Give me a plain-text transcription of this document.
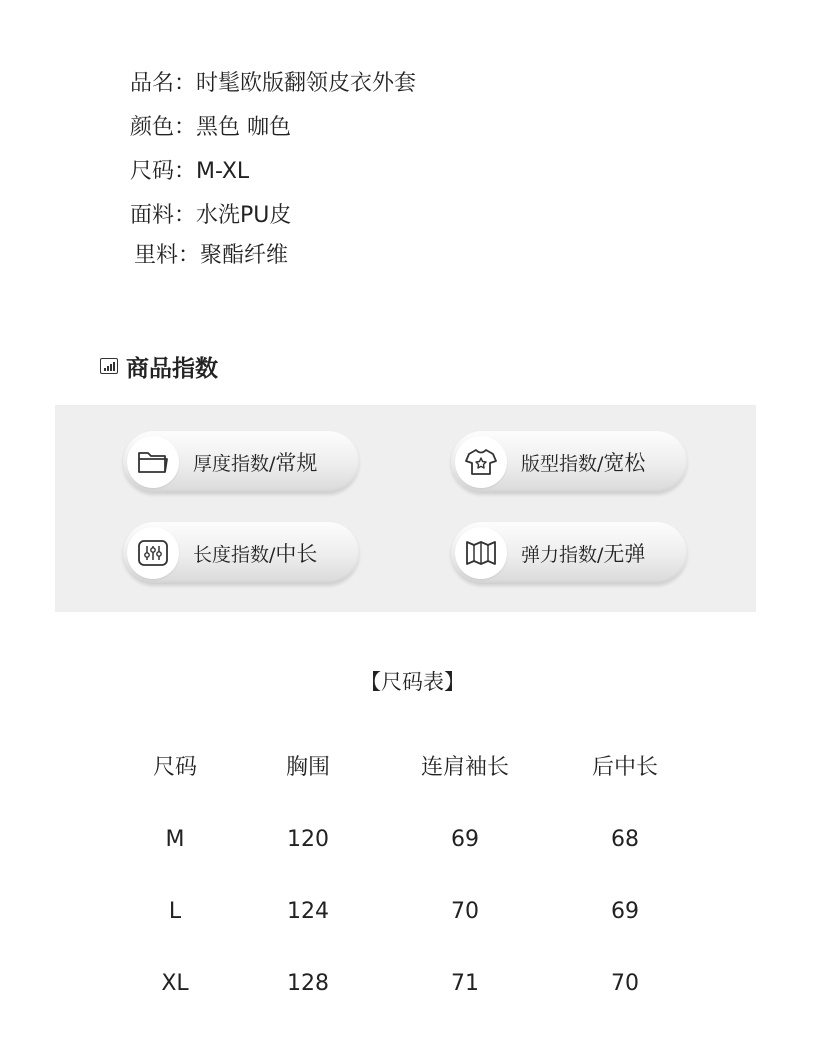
品名：时髦欧版翻领皮衣外套
颜色：黑色 咖色
尺码：M-XL
面料：水洗PU皮
里料：聚酯纤维
商品指数
厚度指数/常规	版型指数/宽松
长度指数/中长	弹力指数/无弹
【尺码表】
尺码	胸围	连肩袖长	后中长
M	120	69	68
L	124	70	69
XL	128	71	70
